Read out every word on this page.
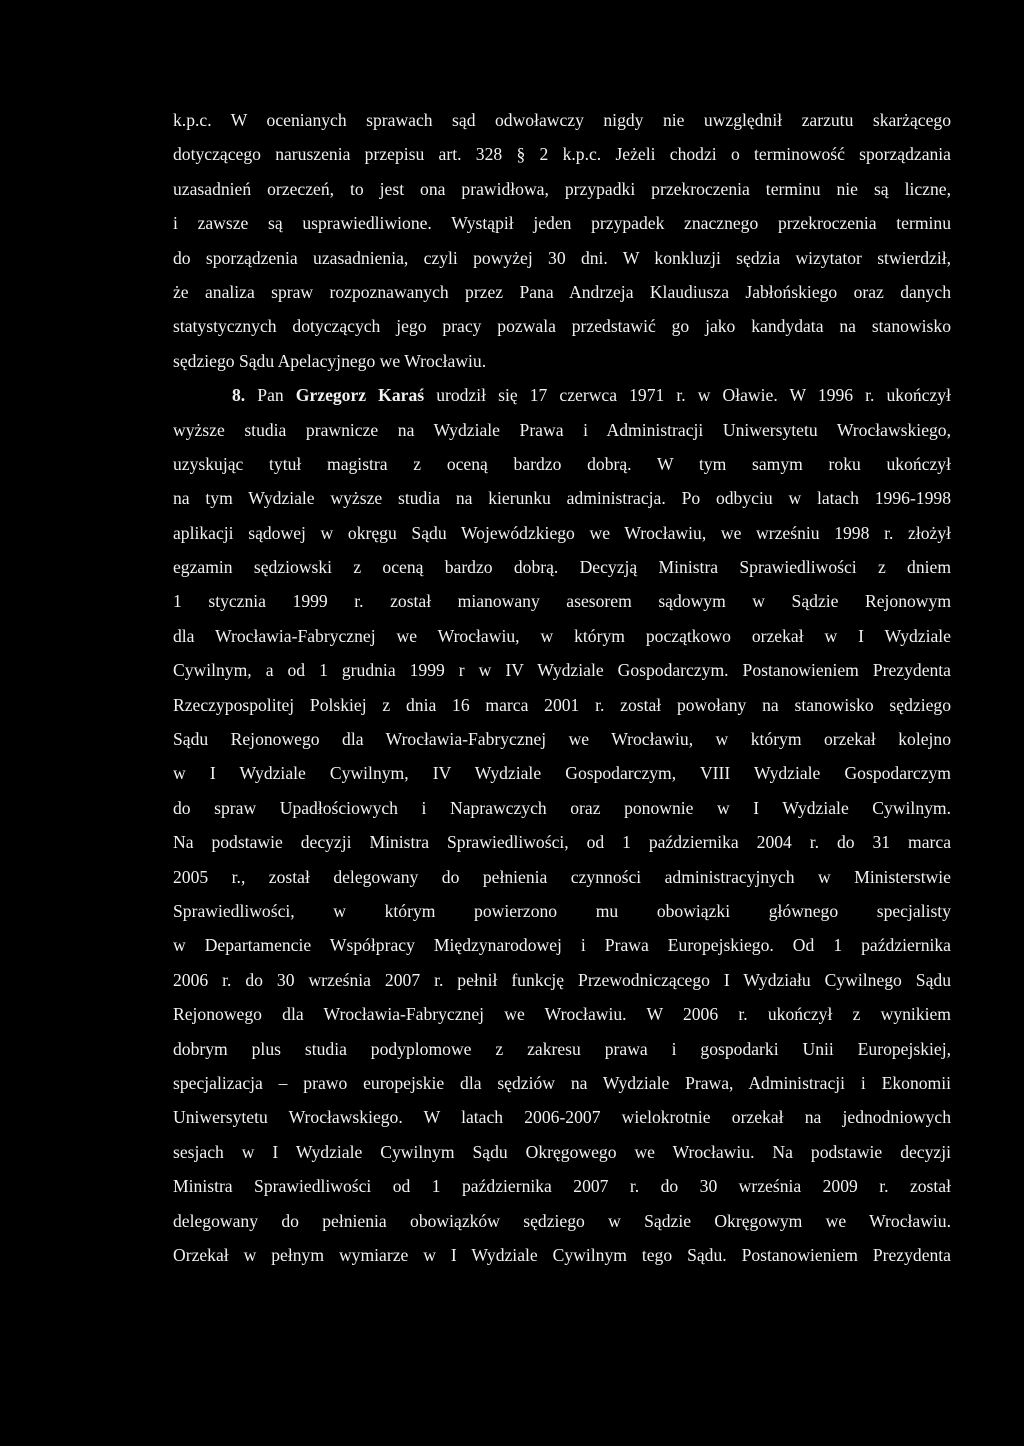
k.p.c. W ocenianych sprawach sąd odwoławczy nigdy nie uwzględnił zarzutu skarżącego
dotyczącego naruszenia przepisu art. 328 § 2 k.p.c. Jeżeli chodzi o terminowość sporządzania
uzasadnień orzeczeń, to jest ona prawidłowa, przypadki przekroczenia terminu nie są liczne,
i zawsze są usprawiedliwione. Wystąpił jeden przypadek znacznego przekroczenia terminu
do sporządzenia uzasadnienia, czyli powyżej 30 dni. W konkluzji sędzia wizytator stwierdził,
że analiza spraw rozpoznawanych przez Pana Andrzeja Klaudiusza Jabłońskiego oraz danych
statystycznych dotyczących jego pracy pozwala przedstawić go jako kandydata na stanowisko
sędziego Sądu Apelacyjnego we Wrocławiu.
8. Pan Grzegorz Karaś urodził się 17 czerwca 1971 r. w Oławie. W 1996 r. ukończył
wyższe studia prawnicze na Wydziale Prawa i Administracji Uniwersytetu Wrocławskiego,
uzyskując tytuł magistra z oceną bardzo dobrą. W tym samym roku ukończył
na tym Wydziale wyższe studia na kierunku administracja. Po odbyciu w latach 1996-1998
aplikacji sądowej w okręgu Sądu Wojewódzkiego we Wrocławiu, we wrześniu 1998 r. złożył
egzamin sędziowski z oceną bardzo dobrą. Decyzją Ministra Sprawiedliwości z dniem
1 stycznia 1999 r. został mianowany asesorem sądowym w Sądzie Rejonowym
dla Wrocławia-Fabrycznej we Wrocławiu, w którym początkowo orzekał w I Wydziale
Cywilnym, a od 1 grudnia 1999 r w IV Wydziale Gospodarczym. Postanowieniem Prezydenta
Rzeczypospolitej Polskiej z dnia 16 marca 2001 r. został powołany na stanowisko sędziego
Sądu Rejonowego dla Wrocławia-Fabrycznej we Wrocławiu, w którym orzekał kolejno
w I Wydziale Cywilnym, IV Wydziale Gospodarczym, VIII Wydziale Gospodarczym
do spraw Upadłościowych i Naprawczych oraz ponownie w I Wydziale Cywilnym.
Na podstawie decyzji Ministra Sprawiedliwości, od 1 października 2004 r. do 31 marca
2005 r., został delegowany do pełnienia czynności administracyjnych w Ministerstwie
Sprawiedliwości, w którym powierzono mu obowiązki głównego specjalisty
w Departamencie Współpracy Międzynarodowej i Prawa Europejskiego. Od 1 października
2006 r. do 30 września 2007 r. pełnił funkcję Przewodniczącego I Wydziału Cywilnego Sądu
Rejonowego dla Wrocławia-Fabrycznej we Wrocławiu. W 2006 r. ukończył z wynikiem
dobrym plus studia podyplomowe z zakresu prawa i gospodarki Unii Europejskiej,
specjalizacja – prawo europejskie dla sędziów na Wydziale Prawa, Administracji i Ekonomii
Uniwersytetu Wrocławskiego. W latach 2006-2007 wielokrotnie orzekał na jednodniowych
sesjach w I Wydziale Cywilnym Sądu Okręgowego we Wrocławiu. Na podstawie decyzji
Ministra Sprawiedliwości od 1 października 2007 r. do 30 września 2009 r. został
delegowany do pełnienia obowiązków sędziego w Sądzie Okręgowym we Wrocławiu.
Orzekał w pełnym wymiarze w I Wydziale Cywilnym tego Sądu. Postanowieniem Prezydenta
